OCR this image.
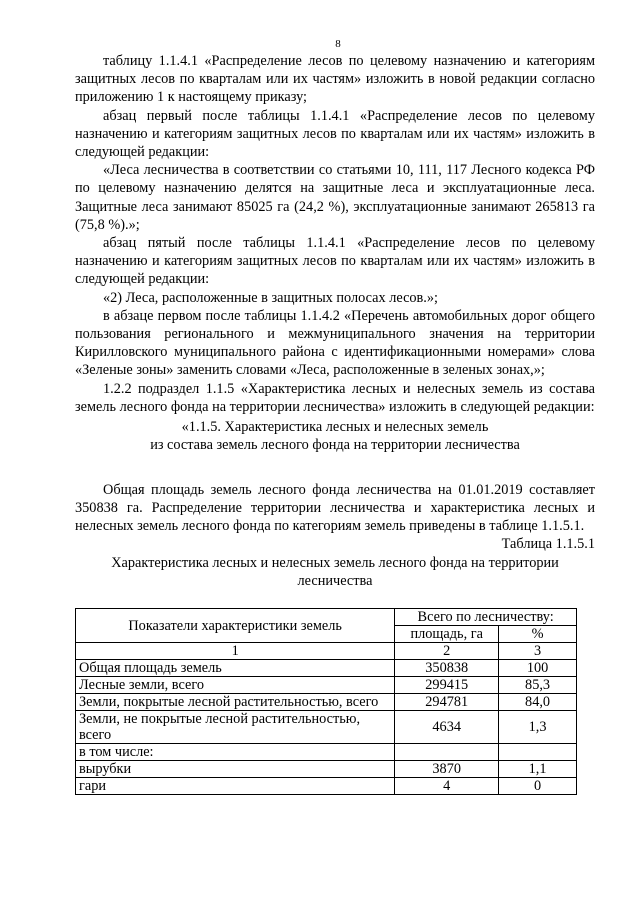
8

таблицу 1.1.4.1 «Распределение лесов по целевому назначению и категориям защитных лесов по кварталам или их частям» изложить в новой редакции согласно приложению 1 к настоящему приказу;

абзац первый после таблицы 1.1.4.1 «Распределение лесов по целевому назначению и категориям защитных лесов по кварталам или их частям» изложить в следующей редакции:

«Леса лесничества в соответствии со статьями 10, 111, 117 Лесного кодекса РФ по целевому назначению делятся на защитные леса и эксплуатационные леса. Защитные леса занимают 85025 га (24,2 %), эксплуатационные занимают 265813 га (75,8 %).»;

абзац пятый после таблицы 1.1.4.1 «Распределение лесов по целевому назначению и категориям защитных лесов по кварталам или их частям» изложить в следующей редакции:

«2) Леса, расположенные в защитных полосах лесов.»;

в абзаце первом после таблицы 1.1.4.2 «Перечень автомобильных дорог общего пользования регионального и межмуниципального значения на территории Кирилловского муниципального района с идентификационными номерами» слова «Зеленые зоны» заменить словами «Леса, расположенные в зеленых зонах,»;

1.2.2 подраздел 1.1.5 «Характеристика лесных и нелесных земель из состава земель лесного фонда на территории лесничества» изложить в следующей редакции:

«1.1.5. Характеристика лесных и нелесных земель
из состава земель лесного фонда на территории лесничества

Общая площадь земель лесного фонда лесничества на 01.01.2019 составляет 350838 га. Распределение территории лесничества и характеристика лесных и нелесных земель лесного фонда по категориям земель приведены в таблице 1.1.5.1.

Таблица 1.1.5.1
Характеристика лесных и нелесных земель лесного фонда на территории лесничества
Показатели характеристики земель	Всего по лесничеству:	
	площадь, га	%
1	2	3
Общая площадь земель	350838	100
Лесные земли, всего	299415	85,3
Земли, покрытые лесной растительностью, всего	294781	84,0
Земли, не покрытые лесной растительностью, всего	4634	1,3
в том числе:		
вырубки	3870	1,1
гари	4	0
